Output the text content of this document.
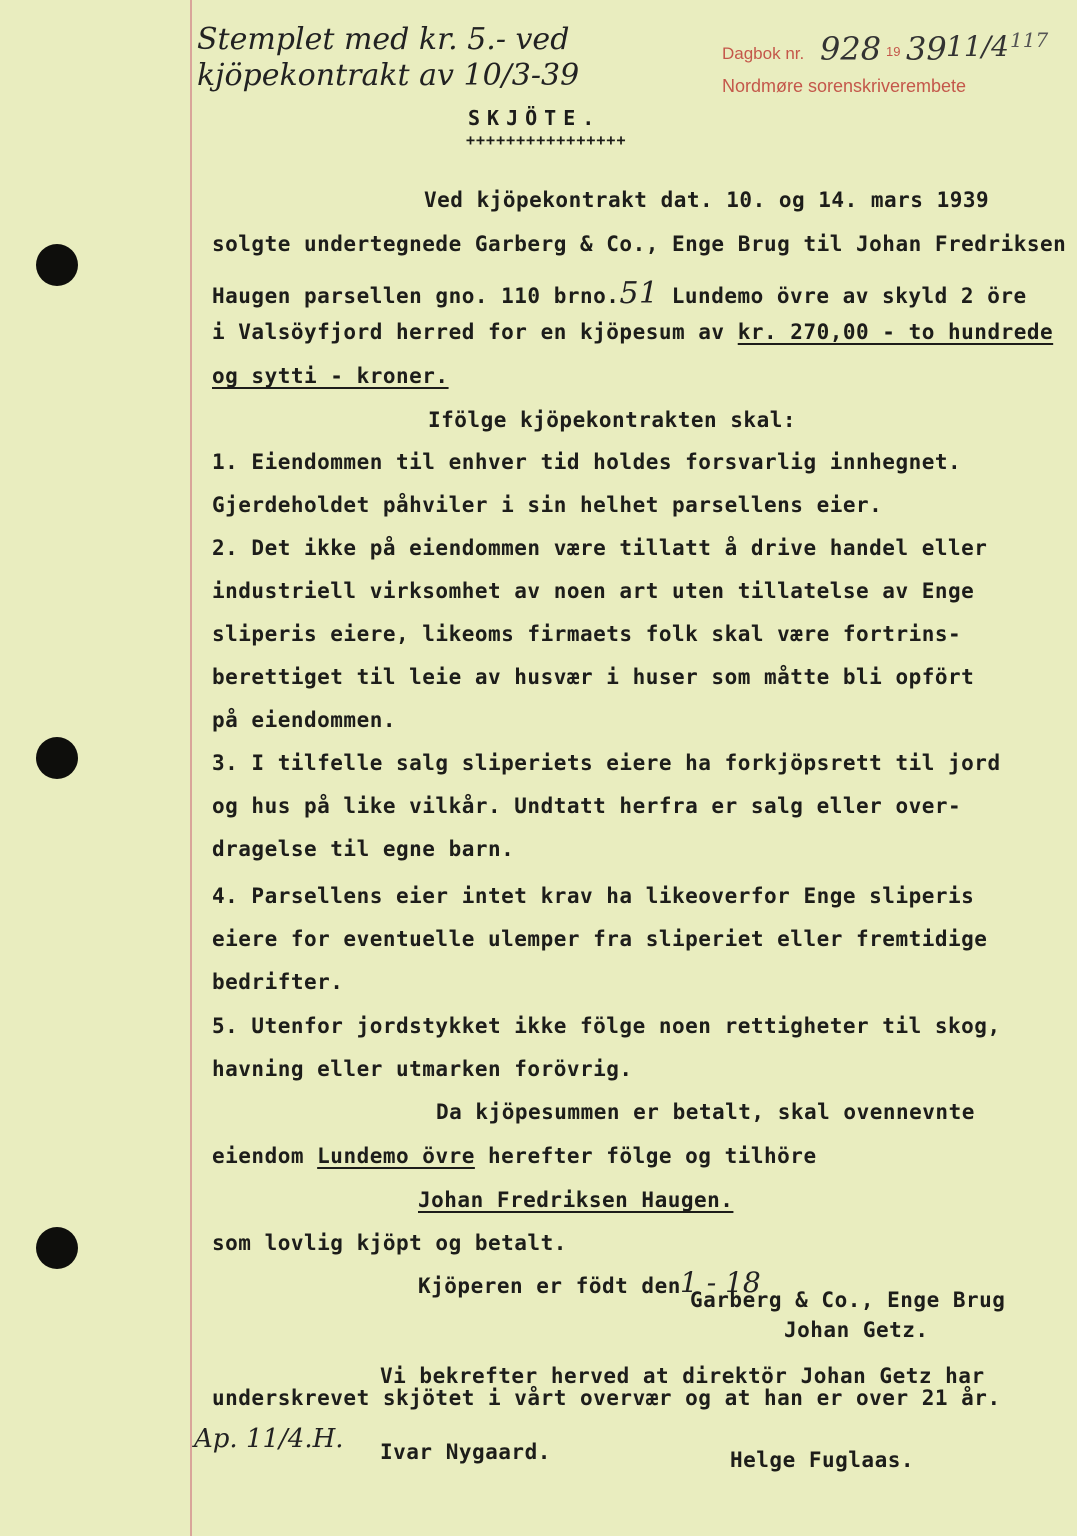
Stemplet med kr. 5.- ved
kjöpekontrakt av 10/3-39
Dagbok nr. 928 19 39 11/4
Nordmøre sorenskriverembete
117
SKJÖTE.
++++++++++++++++
Ved kjöpekontrakt dat. 10. og 14. mars 1939
solgte undertegnede Garberg & Co., Enge Brug til Johan Fredriksen
Haugen parsellen gno. 110 brno.51 Lundemo övre av skyld 2 öre
i Valsöyfjord herred for en kjöpesum av kr. 270,00 - to hundrede
og sytti - kroner.
Ifölge kjöpekontrakten skal:
1. Eiendommen til enhver tid holdes forsvarlig innhegnet.
Gjerdeholdet påhviler i sin helhet parsellens eier.
2. Det ikke på eiendommen være tillatt å drive handel eller
industriell virksomhet av noen art uten tillatelse av Enge
sliperis eiere, likeoms firmaets folk skal være fortrins-
berettiget til leie av husvær i huser som måtte bli opfört
på eiendommen.
3. I tilfelle salg sliperiets eiere ha forkjöpsrett til jord
og hus på like vilkår. Undtatt herfra er salg eller over-
dragelse til egne barn.
4. Parsellens eier intet krav ha likeoverfor Enge sliperis
eiere for eventuelle ulemper fra sliperiet eller fremtidige
bedrifter.
5. Utenfor jordstykket ikke fölge noen rettigheter til skog,
havning eller utmarken forövrig.
Da kjöpesummen er betalt, skal ovennevnte
eiendom Lundemo övre herefter fölge og tilhöre
Johan Fredriksen Haugen.
som lovlig kjöpt og betalt.
Kjöperen er födt den 1 - 18
Garberg & Co., Enge Brug
Johan Getz.
Vi bekrefter herved at direktör Johan Getz har
underskrevet skjötet i vårt overvær og at han er over 21 år.
Ap. 11/4.H. Ivar Nygaard.	Helge Fuglaas.
